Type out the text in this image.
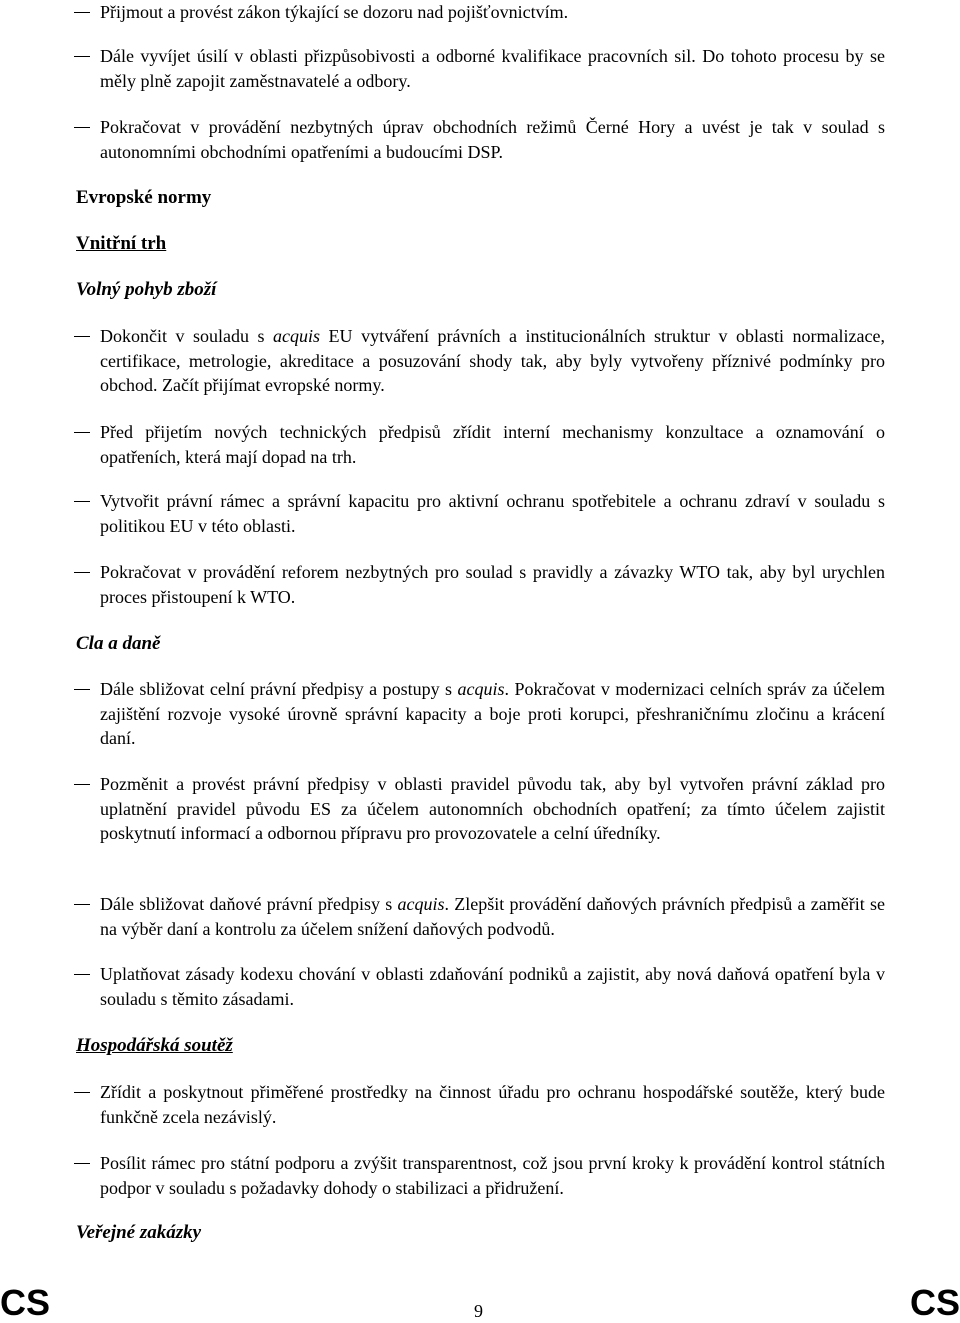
Přijmout a provést zákon týkající se dozoru nad pojišťovnictvím.
Dále vyvíjet úsilí v oblasti přizpůsobivosti a odborné kvalifikace pracovních sil. Do tohoto procesu by se měly plně zapojit zaměstnavatelé a odbory.
Pokračovat v provádění nezbytných úprav obchodních režimů Černé Hory a uvést je tak v soulad s autonomními obchodními opatřeními a budoucími DSP.
Evropské normy
Vnitřní trh
Volný pohyb zboží
Dokončit v souladu s acquis EU vytváření právních a institucionálních struktur v oblasti normalizace, certifikace, metrologie, akreditace a posuzování shody tak, aby byly vytvořeny příznivé podmínky pro obchod. Začít přijímat evropské normy.
Před přijetím nových technických předpisů zřídit interní mechanismy konzultace a oznamování o opatřeních, která mají dopad na trh.
Vytvořit právní rámec a správní kapacitu pro aktivní ochranu spotřebitele a ochranu zdraví v souladu s politikou EU v této oblasti.
Pokračovat v provádění reforem nezbytných pro soulad s pravidly a závazky WTO tak, aby byl urychlen proces přistoupení k WTO.
Cla a daně
Dále sbližovat celní právní předpisy a postupy s acquis. Pokračovat v modernizaci celních správ za účelem zajištění rozvoje vysoké úrovně správní kapacity a boje proti korupci, přeshraničnímu zločinu a krácení daní.
Pozměnit a provést právní předpisy v oblasti pravidel původu tak, aby byl vytvořen právní základ pro uplatnění pravidel původu ES za účelem autonomních obchodních opatření; za tímto účelem zajistit poskytnutí informací a odbornou přípravu pro provozovatele a celní úředníky.
Dále sbližovat daňové právní předpisy s acquis. Zlepšit provádění daňových právních předpisů a zaměřit se na výběr daní a kontrolu za účelem snížení daňových podvodů.
Uplatňovat zásady kodexu chování v oblasti zdaňování podniků a zajistit, aby nová daňová opatření byla v souladu s těmito zásadami.
Hospodářská soutěž
Zřídit a poskytnout přiměřené prostředky na činnost úřadu pro ochranu hospodářské soutěže, který bude funkčně zcela nezávislý.
Posílit rámec pro státní podporu a zvýšit transparentnost, což jsou první kroky k provádění kontrol státních podpor v souladu s požadavky dohody o stabilizaci a přidružení.
Veřejné zakázky
CS	9	CS
